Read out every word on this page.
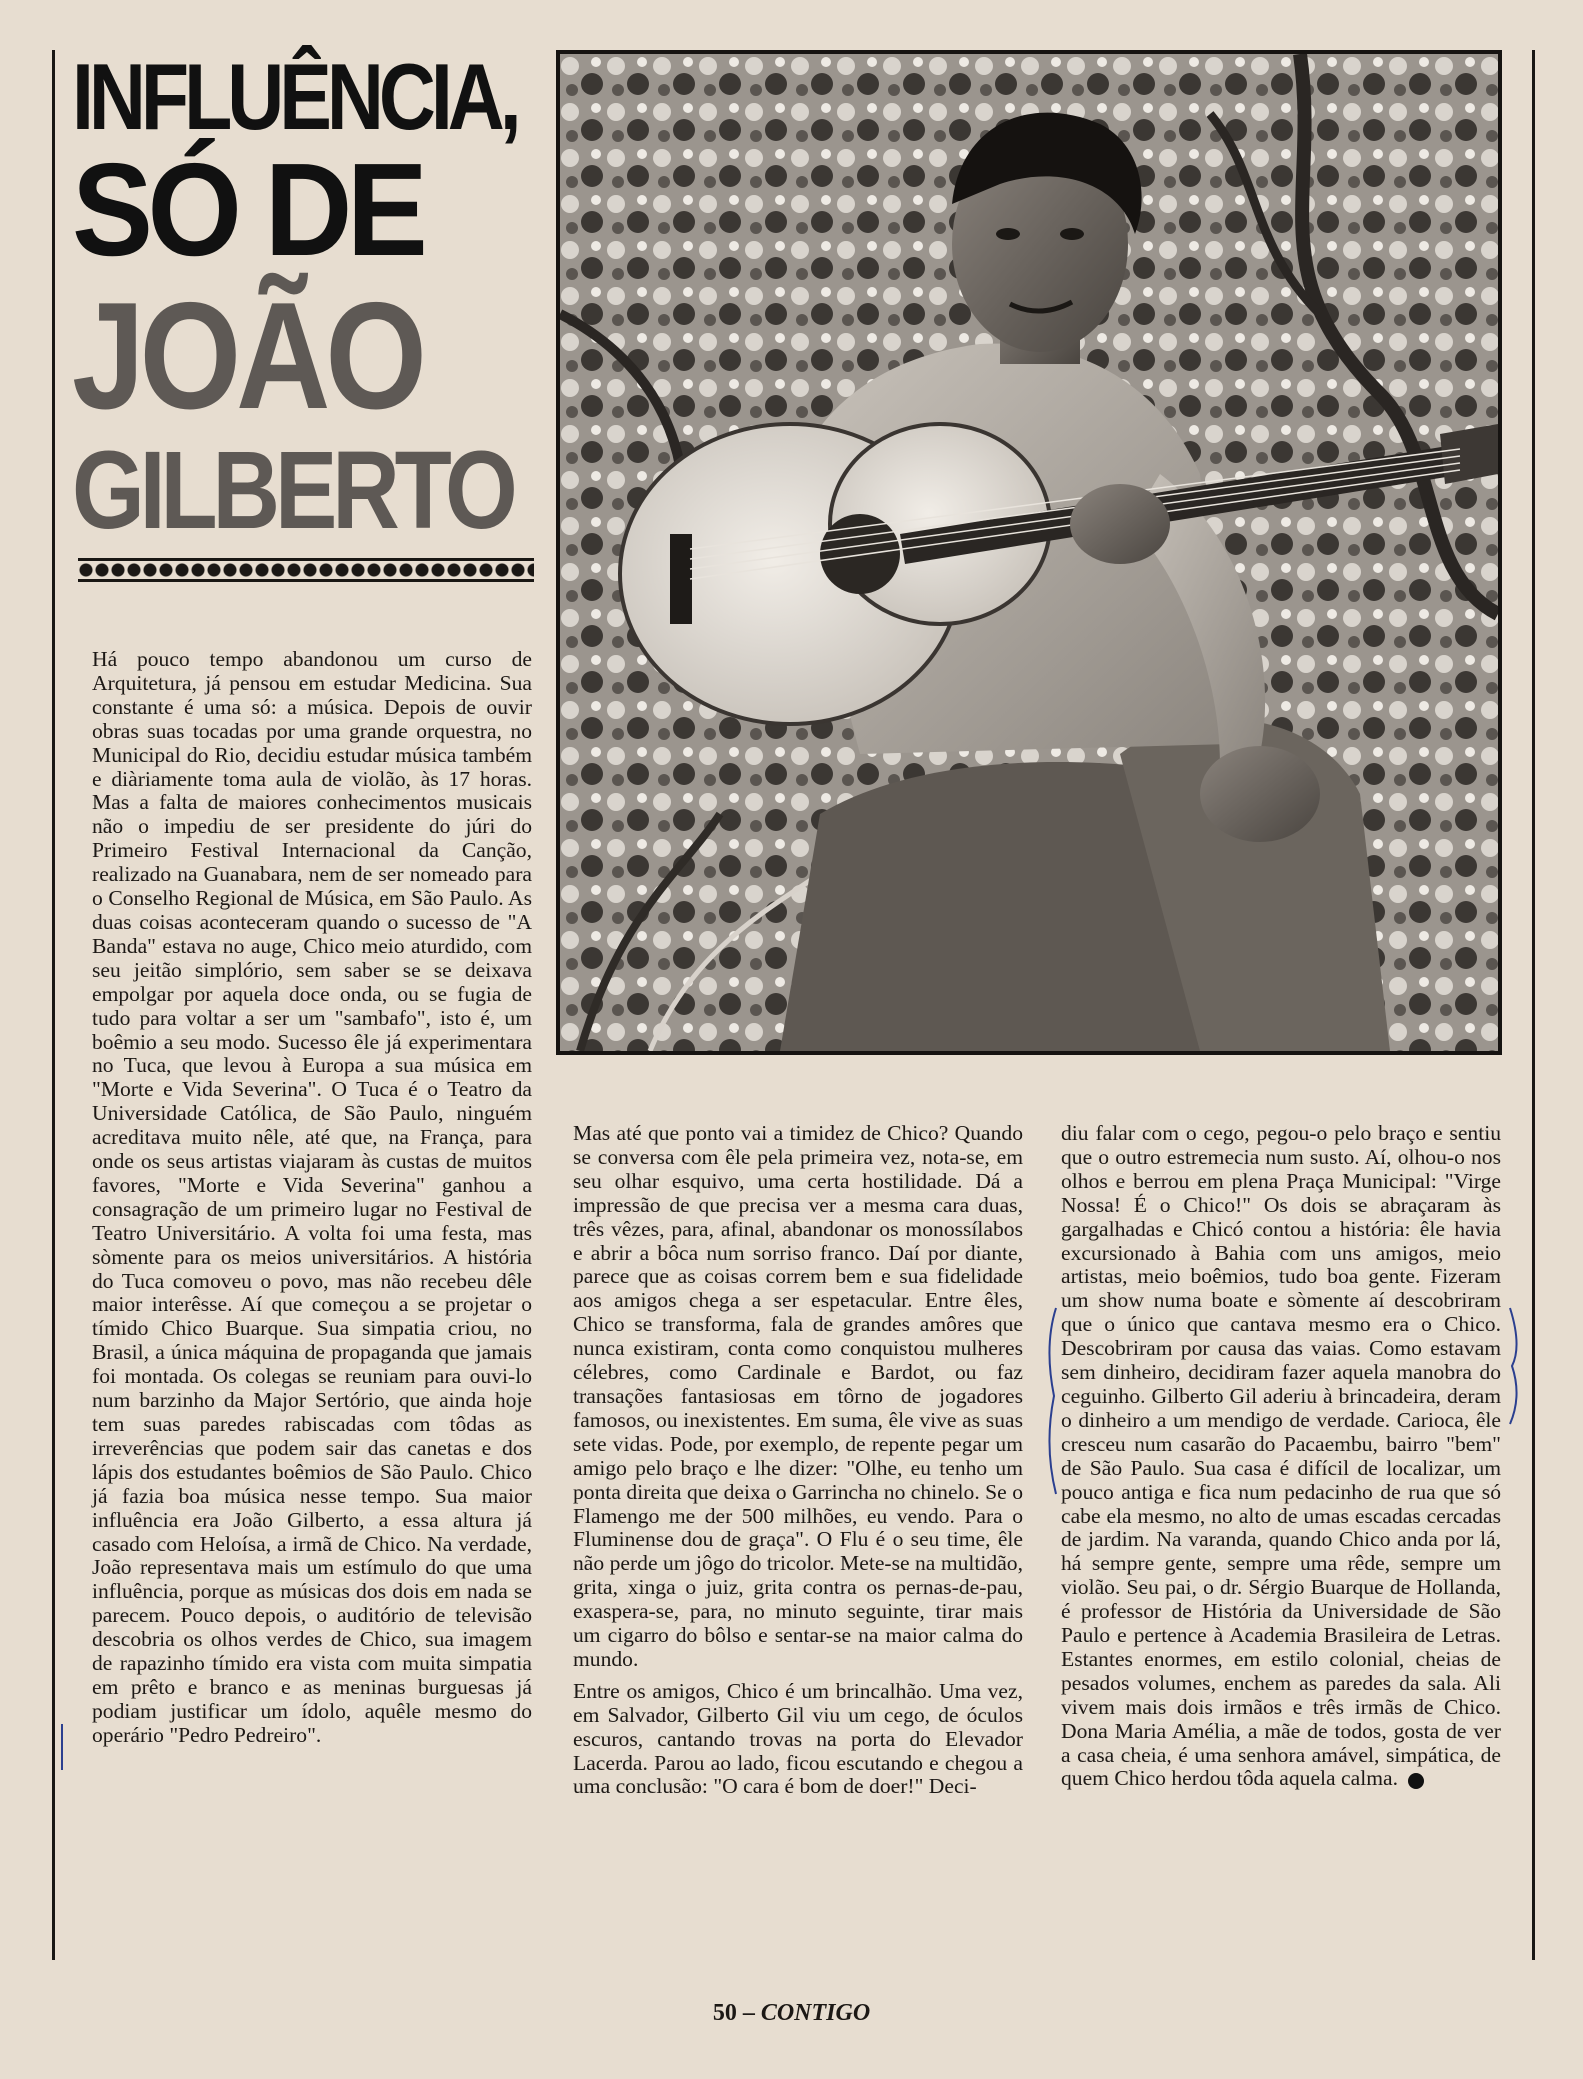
INFLUÊNCIA,
SÓ DE
JOÃO
GILBERTO

Há pouco tempo abandonou um curso de Arquitetura, já pensou em estudar Medicina. Sua constante é uma só: a música. Depois de ouvir obras suas tocadas por uma grande orquestra, no Municipal do Rio, decidiu estudar música também e diàriamente toma aula de violão, às 17 horas. Mas a falta de maiores conhecimentos musicais não o impediu de ser presidente do júri do Primeiro Festival Internacional da Canção, realizado na Guanabara, nem de ser nomeado para o Conselho Regional de Música, em São Paulo. As duas coisas aconteceram quando o sucesso de "A Banda" estava no auge, Chico meio aturdido, com seu jeitão simplório, sem saber se se deixava empolgar por aquela doce onda, ou se fugia de tudo para voltar a ser um "sambafo", isto é, um boêmio a seu modo. Sucesso êle já experimentara no Tuca, que levou à Europa a sua música em "Morte e Vida Severina". O Tuca é o Teatro da Universidade Católica, de São Paulo, ninguém acreditava muito nêle, até que, na França, para onde os seus artistas viajaram às custas de muitos favores, "Morte e Vida Severina" ganhou a consagração de um primeiro lugar no Festival de Teatro Universitário. A volta foi uma festa, mas sòmente para os meios universitários. A história do Tuca comoveu o povo, mas não recebeu dêle maior interêsse. Aí que começou a se projetar o tímido Chico Buarque. Sua simpatia criou, no Brasil, a única máquina de propaganda que jamais foi montada. Os colegas se reuniam para ouvi-lo num barzinho da Major Sertório, que ainda hoje tem suas paredes rabiscadas com tôdas as irreverências que podem sair das canetas e dos lápis dos estudantes boêmios de São Paulo. Chico já fazia boa música nesse tempo. Sua maior influência era João Gilberto, a essa altura já casado com Heloísa, a irmã de Chico. Na verdade, João representava mais um estímulo do que uma influência, porque as músicas dos dois em nada se parecem. Pouco depois, o auditório de televisão descobria os olhos verdes de Chico, sua imagem de rapazinho tímido era vista com muita simpatia em prêto e branco e as meninas burguesas já podiam justificar um ídolo, aquêle mesmo do operário "Pedro Pedreiro".

Mas até que ponto vai a timidez de Chico? Quando se conversa com êle pela primeira vez, nota-se, em seu olhar esquivo, uma certa hostilidade. Dá a impressão de que precisa ver a mesma cara duas, três vêzes, para, afinal, abandonar os monossílabos e abrir a bôca num sorriso franco. Daí por diante, parece que as coisas correm bem e sua fidelidade aos amigos chega a ser espetacular. Entre êles, Chico se transforma, fala de grandes amôres que nunca existiram, conta como conquistou mulheres célebres, como Cardinale e Bardot, ou faz transações fantasiosas em tôrno de jogadores famosos, ou inexistentes. Em suma, êle vive as suas sete vidas. Pode, por exemplo, de repente pegar um amigo pelo braço e lhe dizer: "Olhe, eu tenho um ponta direita que deixa o Garrincha no chinelo. Se o Flamengo me der 500 milhões, eu vendo. Para o Fluminense dou de graça". O Flu é o seu time, êle não perde um jôgo do tricolor. Mete-se na multidão, grita, xinga o juiz, grita contra os pernas-de-pau, exaspera-se, para, no minuto seguinte, tirar mais um cigarro do bôlso e sentar-se na maior calma do mundo.

Entre os amigos, Chico é um brincalhão. Uma vez, em Salvador, Gilberto Gil viu um cego, de óculos escuros, cantando trovas na porta do Elevador Lacerda. Parou ao lado, ficou escutando e chegou a uma conclusão: "O cara é bom de doer!" Deci-

diu falar com o cego, pegou-o pelo braço e sentiu que o outro estremecia num susto. Aí, olhou-o nos olhos e berrou em plena Praça Municipal: "Virge Nossa! É o Chico!" Os dois se abraçaram às gargalhadas e Chicó contou a história: êle havia excursionado à Bahia com uns amigos, meio artistas, meio boêmios, tudo boa gente. Fizeram um show numa boate e sòmente aí descobriram que o único que cantava mesmo era o Chico. Descobriram por causa das vaias. Como estavam sem dinheiro, decidiram fazer aquela manobra do ceguinho. Gilberto Gil aderiu à brincadeira, deram o dinheiro a um mendigo de verdade. Carioca, êle cresceu num casarão do Pacaembu, bairro "bem" de São Paulo. Sua casa é difícil de localizar, um pouco antiga e fica num pedacinho de rua que só cabe ela mesmo, no alto de umas escadas cercadas de jardim. Na varanda, quando Chico anda por lá, há sempre gente, sempre uma rêde, sempre um violão. Seu pai, o dr. Sérgio Buarque de Hollanda, é professor de História da Universidade de São Paulo e pertence à Academia Brasileira de Letras. Estantes enormes, em estilo colonial, cheias de pesados volumes, enchem as paredes da sala. Ali vivem mais dois irmãos e três irmãs de Chico. Dona Maria Amélia, a mãe de todos, gosta de ver a casa cheia, é uma senhora amável, simpática, de quem Chico herdou tôda aquela calma.

50 – CONTIGO
